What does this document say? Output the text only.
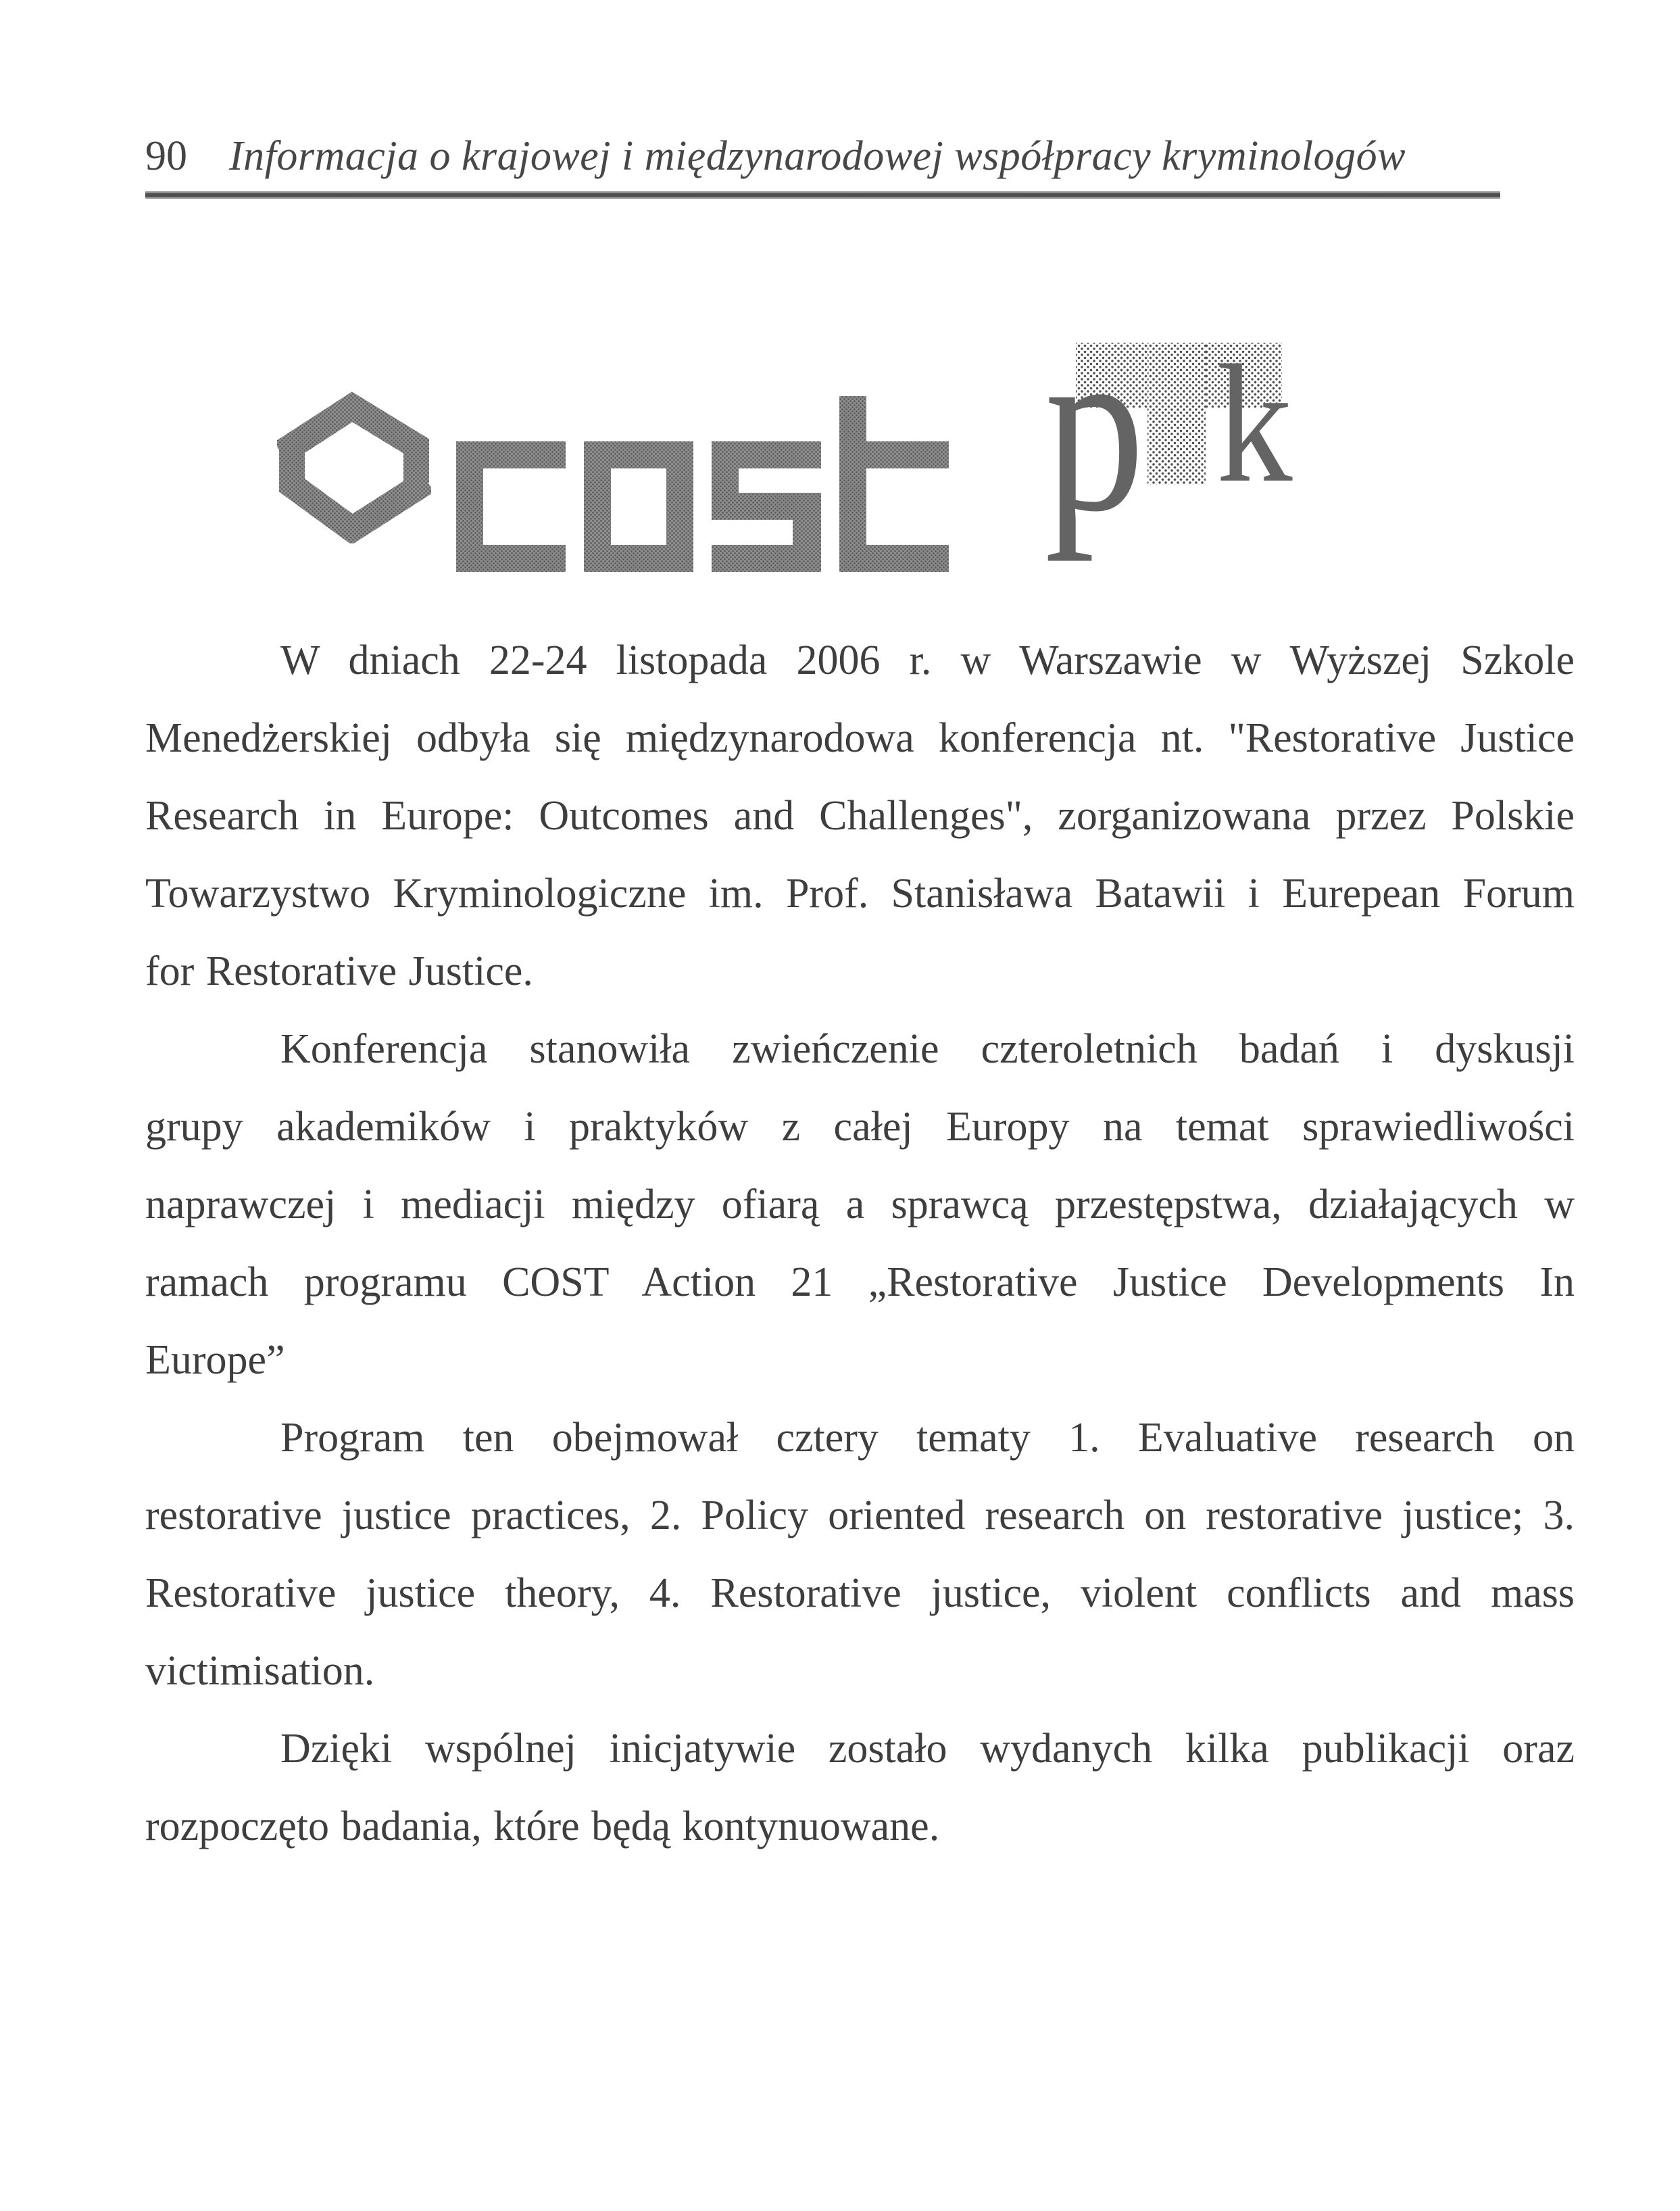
90 Informacja o krajowej i międzynarodowej współpracy kryminologów
p k
W dniach 22-24 listopada 2006 r. w Warszawie w Wyższej Szkole
Menedżerskiej odbyła się międzynarodowa konferencja nt. "Restorative Justice
Research in Europe: Outcomes and Challenges", zorganizowana przez Polskie
Towarzystwo Kryminologiczne im. Prof. Stanisława Batawii i Eurepean Forum
for Restorative Justice.
Konferencja stanowiła zwieńczenie czteroletnich badań i dyskusji
grupy akademików i praktyków z całej Europy na temat sprawiedliwości
naprawczej i mediacji między ofiarą a sprawcą przestępstwa, działających w
ramach programu COST Action 21 „Restorative Justice Developments In
Europe”
Program ten obejmował cztery tematy 1. Evaluative research on
restorative justice practices, 2. Policy oriented research on restorative justice; 3.
Restorative justice theory, 4. Restorative justice, violent conflicts and mass
victimisation.
Dzięki wspólnej inicjatywie zostało wydanych kilka publikacji oraz
rozpoczęto badania, które będą kontynuowane.
